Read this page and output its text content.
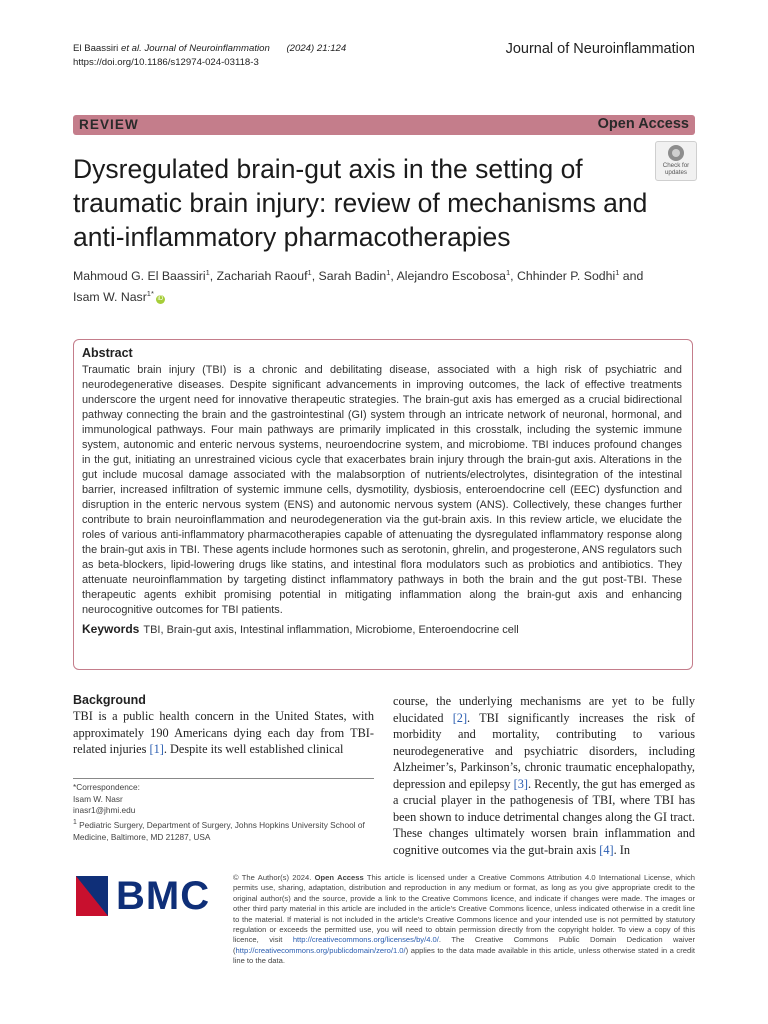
El Baassiri et al. Journal of Neuroinflammation (2024) 21:124
https://doi.org/10.1186/s12974-024-03118-3
Journal of Neuroinflammation
REVIEW	Open Access
Dysregulated brain-gut axis in the setting of traumatic brain injury: review of mechanisms and anti-inflammatory pharmacotherapies
Check for
updates
Mahmoud G. El Baassiri$^1$, Zachariah Raouf$^1$, Sarah Badin$^1$, Alejandro Escobosa$^1$, Chhinder P. Sodhi$^1$ and
Isam W. Nasr$^{1*}$iD
Abstract
Traumatic brain injury (TBI) is a chronic and debilitating disease, associated with a high risk of psychiatric and neurodegenerative diseases. Despite significant advancements in improving outcomes, the lack of effective treatments underscore the urgent need for innovative therapeutic strategies. The brain-gut axis has emerged as a crucial bidirectional pathway connecting the brain and the gastrointestinal (GI) system through an intricate network of neuronal, hormonal, and immunological pathways. Four main pathways are primarily implicated in this crosstalk, including the systemic immune system, autonomic and enteric nervous systems, neuroendocrine system, and microbiome. TBI induces profound changes in the gut, initiating an unrestrained vicious cycle that exacerbates brain injury through the brain-gut axis. Alterations in the gut include mucosal damage associated with the malabsorption of nutrients/electrolytes, disintegration of the intestinal barrier, increased infiltration of systemic immune cells, dysmotility, dysbiosis, enteroendocrine cell (EEC) dysfunction and disruption in the enteric nervous system (ENS) and autonomic nervous system (ANS). Collectively, these changes further contribute to brain neuroinflammation and neurodegeneration via the gut-brain axis. In this review article, we elucidate the roles of various anti-inflammatory pharmacotherapies capable of attenuating the dysregulated inflammatory response along the brain-gut axis in TBI. These agents include hormones such as serotonin, ghrelin, and progesterone, ANS regulators such as beta-blockers, lipid-lowering drugs like statins, and intestinal flora modulators such as probiotics and antibiotics. They attenuate neuroinflammation by targeting distinct inflammatory pathways in both the brain and the gut post-TBI. These therapeutic agents exhibit promising potential in mitigating inflammation along the brain-gut axis and enhancing neurocognitive outcomes for TBI patients.
Keywords TBI, Brain-gut axis, Intestinal inflammation, Microbiome, Enteroendocrine cell
Background

TBI is a public health concern in the United States, with approximately 190 Americans dying each day from TBI-related injuries [1]. Despite its well established clinical

*Correspondence:
Isam W. Nasr
inasr1@jhmi.edu
$^1$ Pediatric Surgery, Department of Surgery, Johns Hopkins University School of Medicine, Baltimore, MD 21287, USA

course, the underlying mechanisms are yet to be fully elucidated [2]. TBI significantly increases the risk of morbidity and mortality, contributing to various neurodegenerative and psychiatric disorders, including Alzheimer’s, Parkinson’s, chronic traumatic encephalopathy, depression and epilepsy [3]. Recently, the gut has emerged as a crucial player in the pathogenesis of TBI, where TBI has been shown to induce detrimental changes along the GI tract. These changes ultimately worsen brain inflammation and cognitive outcomes via the gut-brain axis [4]. In

BMC	© The Author(s) 2024. Open Access This article is licensed under a Creative Commons Attribution 4.0 International License, which permits use, sharing, adaptation, distribution and reproduction in any medium or format, as long as you give appropriate credit to the original author(s) and the source, provide a link to the Creative Commons licence, and indicate if changes were made. The images or other third party material in this article are included in the article’s Creative Commons licence, unless indicated otherwise in a credit line to the material. If material is not included in the article’s Creative Commons licence and your intended use is not permitted by statutory regulation or exceeds the permitted use, you will need to obtain permission directly from the copyright holder. To view a copy of this licence, visit http://creativecommons.org/licenses/by/4.0/. The Creative Commons Public Domain Dedication waiver (http://creativecommons.org/publicdomain/zero/1.0/) applies to the data made available in this article, unless otherwise stated in a credit line to the data.
